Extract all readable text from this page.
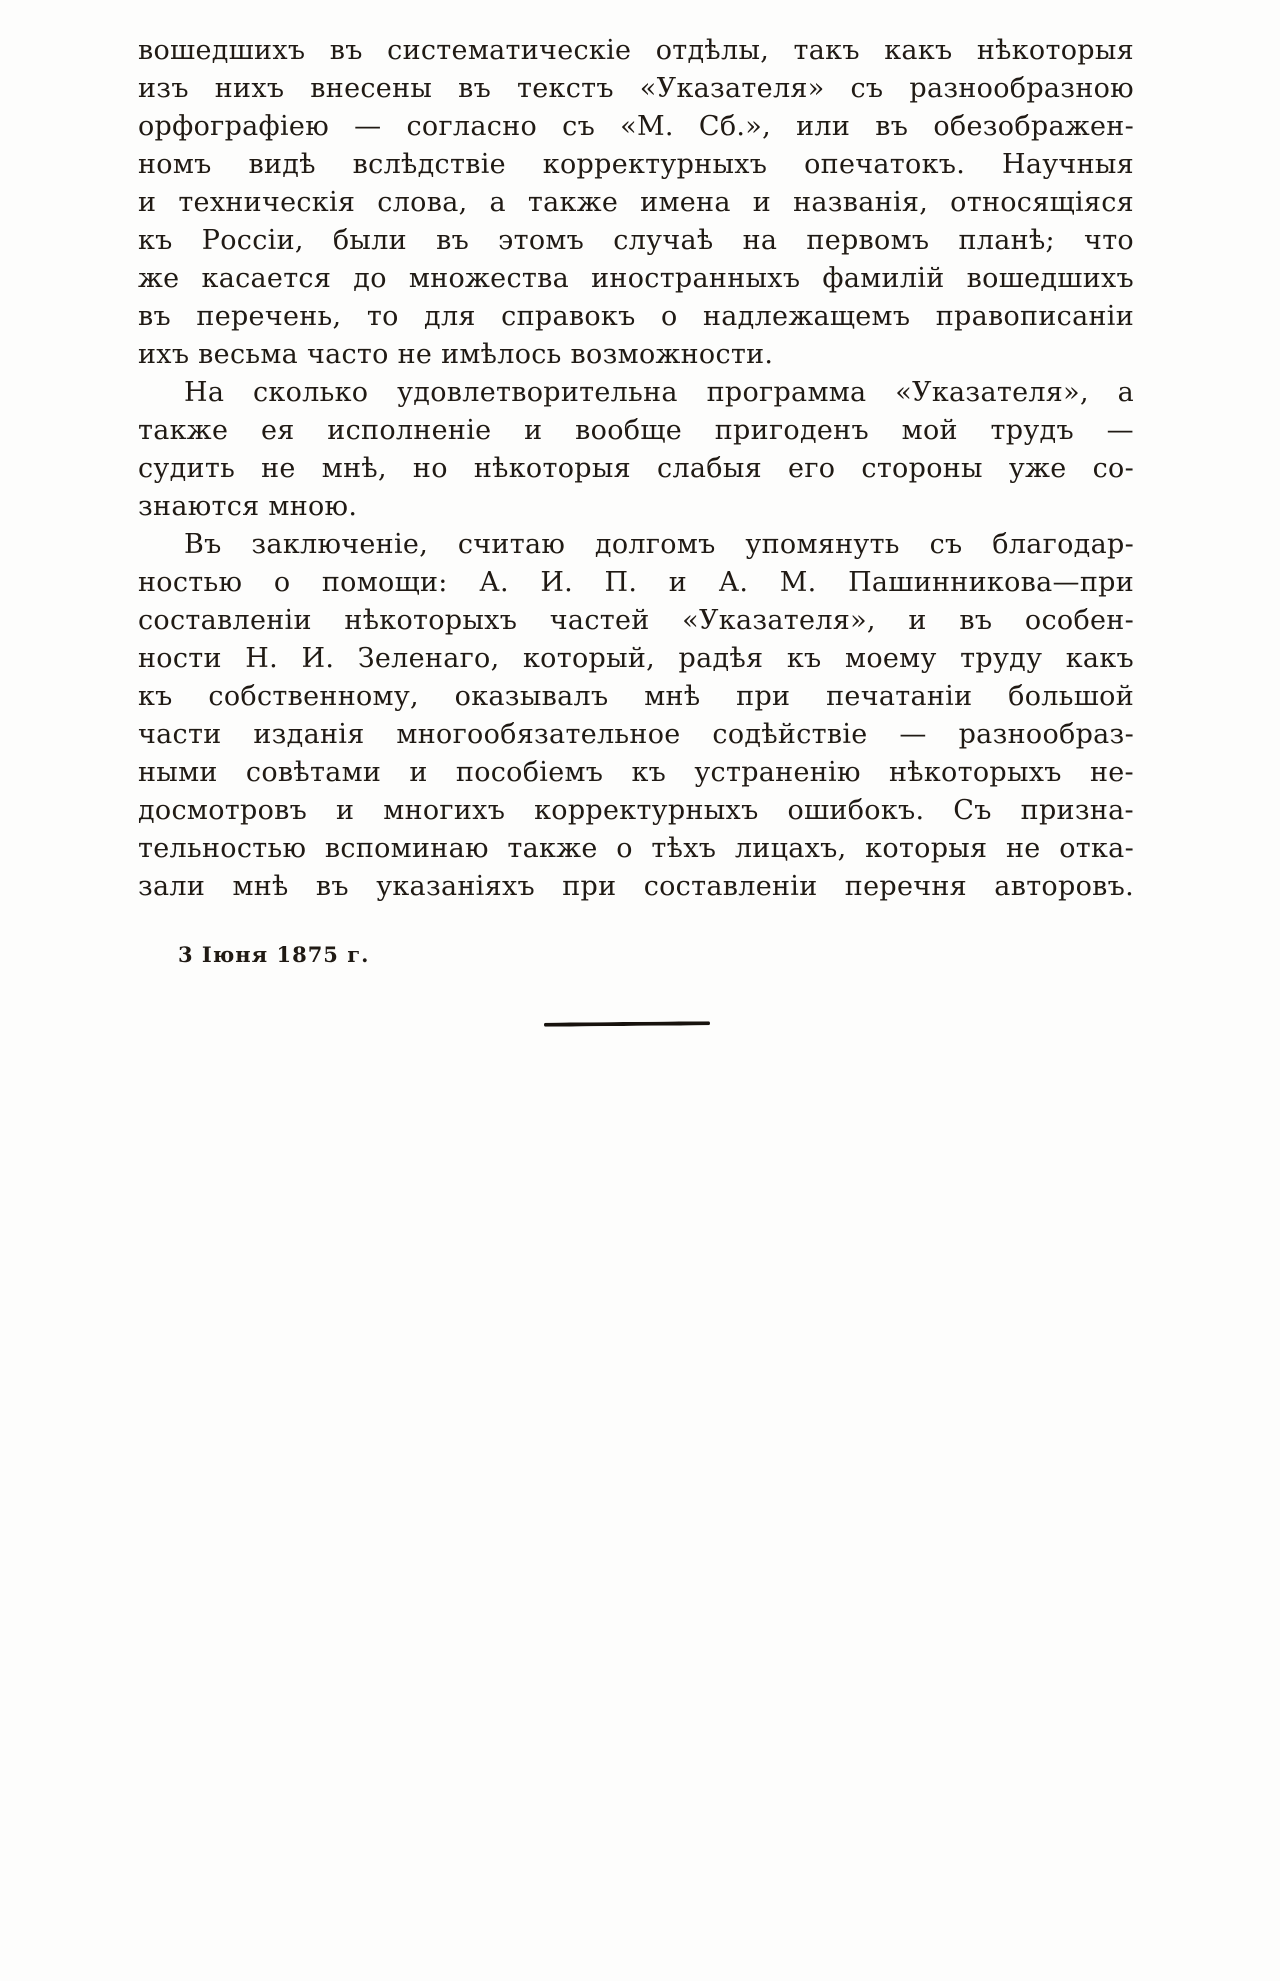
вошедшихъ въ систематическіе отдѣлы, такъ какъ нѣкоторыя
изъ нихъ внесены въ текстъ «Указателя» съ разнообразною
орфографіею — согласно съ «М. Сб.», или въ обезображен-
номъ видѣ вслѣдствіе корректурныхъ опечатокъ. Научныя
и техническія слова, а также имена и названія, относящіяся
къ Россіи, были въ этомъ случаѣ на первомъ планѣ; что
же касается до множества иностранныхъ фамилій вошедшихъ
въ перечень, то для справокъ о надлежащемъ правописаніи
ихъ весьма часто не имѣлось возможности.
На сколько удовлетворительна программа «Указателя», а
также ея исполненіе и вообще пригоденъ мой трудъ —
судить не мнѣ, но нѣкоторыя слабыя его стороны уже со-
знаются мною.
Въ заключеніе, считаю долгомъ упомянуть съ благодар-
ностью о помощи: А. И. П. и А. М. Пашинникова—при
составленіи нѣкоторыхъ частей «Указателя», и въ особен-
ности Н. И. Зеленаго, который, радѣя къ моему труду какъ
къ собственному, оказывалъ мнѣ при печатаніи большой
части изданія многообязательное содѣйствіе — разнообраз-
ными совѣтами и пособіемъ къ устраненію нѣкоторыхъ не-
досмотровъ и многихъ корректурныхъ ошибокъ. Съ призна-
тельностью вспоминаю также о тѣхъ лицахъ, которыя не отка-
зали мнѣ въ указаніяхъ при составленіи перечня авторовъ.
3 Іюня 1875 г.
